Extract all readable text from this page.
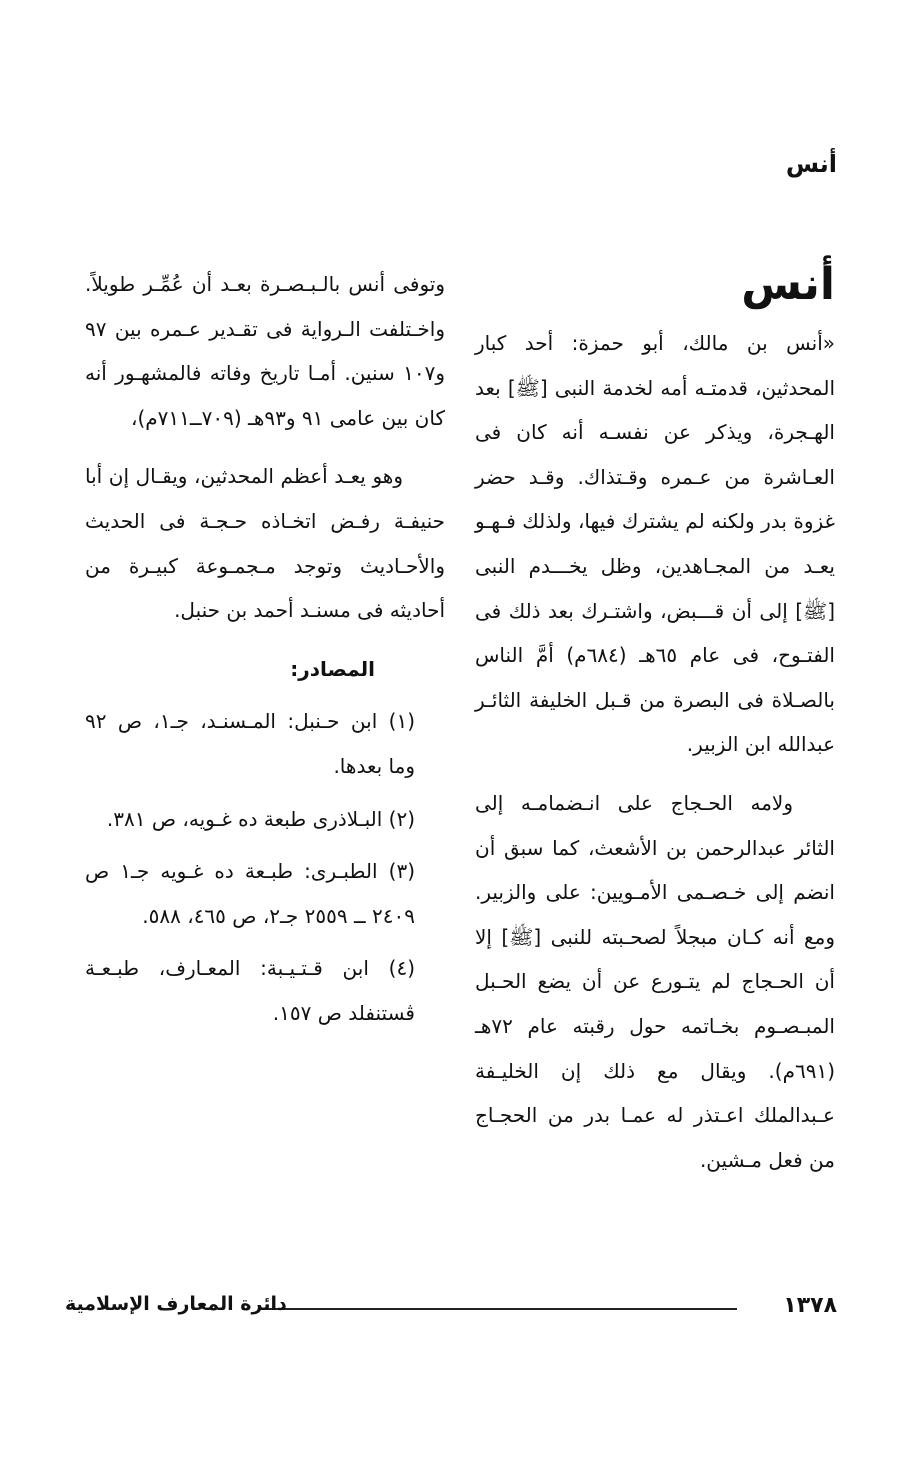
أنس
أنس

«أنس بن مالك، أبو حمزة: أحد كبار المحدثين، قدمتـه أمه لخدمة النبى [ﷺ] بعد الهـجرة، ويذكر عن نفسـه أنه كان فى العـاشرة من عـمره وقـتذاك. وقـد حضر غزوة بدر ولكنه لم يشترك فيها، ولذلك فـهـو يعـد من المجـاهدين، وظل يخـــدم النبى [ﷺ] إلى أن قـــبض، واشتـرك بعد ذلك فى الفتـوح، فى عام ٦٥هـ (٦٨٤م) أمَّ الناس بالصـلاة فى البصرة من قـبل الخليفة الثائـر عبدالله ابن الزبير.

ولامه الحـجاج على انـضمامـه إلى الثائر عبدالرحمن بن الأشعث، كما سبق أن انضم إلى خـصـمى الأمـويين: على والزبير. ومع أنه كـان مبجلاً لصحـبته للنبى [ﷺ] إلا أن الحـجاج لم يتـورع عن أن يضع الحـبل المبـصـوم بخـاتمه حول رقبته عام ٧٢هـ (٦٩١م). ويقال مع ذلك إن الخليـفة عـبدالملك اعـتذر له عمـا بدر من الحجـاج من فعل مـشين.

وتوفى أنس بالـبـصـرة بعـد أن عُمِّـر طويلاً. واخـتلفت الـرواية فى تقـدير عـمره بين ٩٧ و١٠٧ سنين. أمـا تاريخ وفاته فالمشهـور أنه كان بين عامى ٩١ و٩٣هـ (٧٠٩ــ٧١١م)،

وهو يعـد أعظم المحدثين، ويقـال إن أبا حنيفـة رفـض اتخـاذه حـجـة فى الحديث والأحـاديث وتوجد مـجمـوعة كبيـرة من أحاديثه فى مسنـد أحمد بن حنبل.

المصادر:

(١) ابن حـنبل: المـسنـد، جـ١، ص ٩٢ وما بعدها.

(٢) البـلاذرى طبعة ده غـويه، ص ٣٨١.

(٣) الطبـرى: طبـعة ده غـويه جـ١ ص ٢٤٠٩ ــ ٢٥٥٩ جـ٢، ص ٤٦٥، ٥٨٨.

(٤) ابن قـتـيـبة: المعـارف، طبـعـة ڤستنفلد ص ١٥٧.

١٣٧٨
دائرة المعارف الإسلامية
